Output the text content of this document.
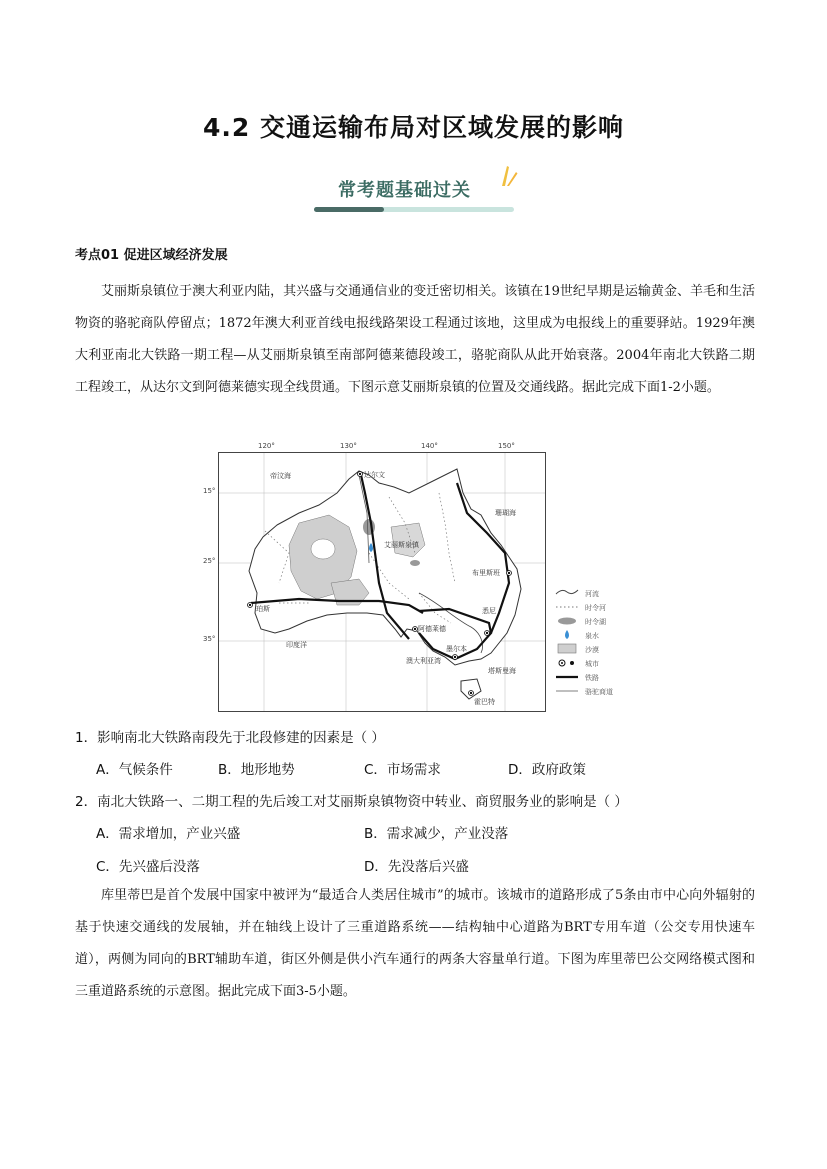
4.2 交通运输布局对区域发展的影响
常考题基础过关
考点01 促进区域经济发展
艾丽斯泉镇位于澳大利亚内陆，其兴盛与交通通信业的变迁密切相关。该镇在19世纪早期是运输黄金、羊毛和生活物资的骆驼商队停留点；1872年澳大利亚首线电报线路架设工程通过该地，这里成为电报线上的重要驿站。1929年澳大利亚南北大铁路一期工程—从艾丽斯泉镇至南部阿德莱德段竣工，骆驼商队从此开始衰落。2004年南北大铁路二期工程竣工，从达尔文到阿德莱德实现全线贯通。下图示意艾丽斯泉镇的位置及交通线路。据此完成下面1-2小题。
120°	130°	140°	150°
15°
25°
35°
帝汶海	达尔文
珊瑚海
艾丽斯泉镇
布里斯班
珀斯	悉尼
阿德莱德
印度洋
澳大利亚湾
塔斯曼海
墨尔本
霍巴特
河流
时令河
时令湖
泉水
沙漠
城市
铁路
骆驼商道
1．影响南北大铁路南段先于北段修建的因素是（ ）
A．气候条件	B．地形地势	C．市场需求	D．政府政策
2．南北大铁路一、二期工程的先后竣工对艾丽斯泉镇物资中转业、商贸服务业的影响是（ ）
A．需求增加，产业兴盛	B．需求减少，产业没落
C．先兴盛后没落	D．先没落后兴盛
库里蒂巴是首个发展中国家中被评为“最适合人类居住城市”的城市。该城市的道路形成了5条由市中心向外辐射的基于快速交通线的发展轴，并在轴线上设计了三重道路系统——结构轴中心道路为BRT专用车道（公交专用快速车道），两侧为同向的BRT辅助车道，街区外侧是供小汽车通行的两条大容量单行道。下图为库里蒂巴公交网络模式图和三重道路系统的示意图。据此完成下面3-5小题。
